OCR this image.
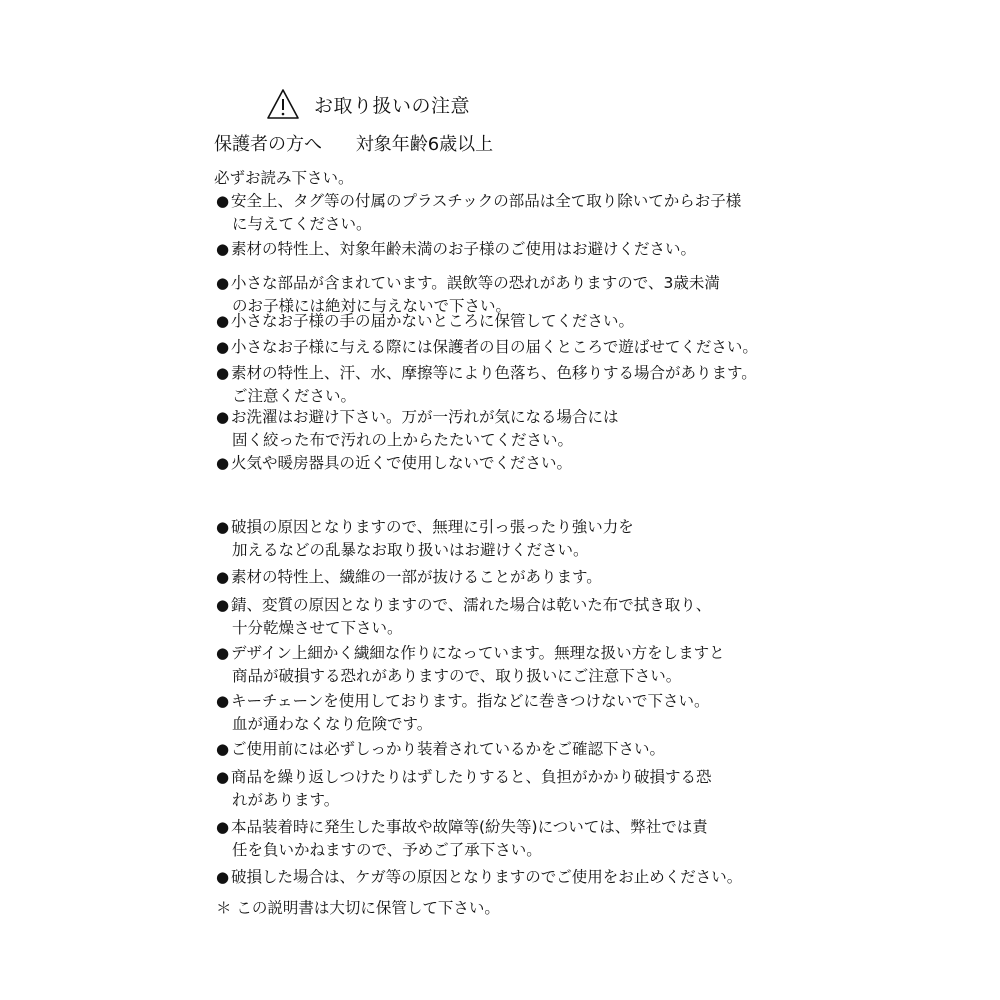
お取り扱いの注意
保護者の方へ 対象年齢6歳以上
必ずお読み下さい。
● 安全上、タグ等の付属のプラスチックの部品は全て取り除いてからお子様
に与えてください。
● 素材の特性上、対象年齢未満のお子様のご使用はお避けください。
● 小さな部品が含まれています。誤飲等の恐れがありますので、3歳未満
のお子様には絶対に与えないで下さい。
● 小さなお子様の手の届かないところに保管してください。
● 小さなお子様に与える際には保護者の目の届くところで遊ばせてください。
● 素材の特性上、汗、水、摩擦等により色落ち、色移りする場合があります。
ご注意ください。
● お洗濯はお避け下さい。万が一汚れが気になる場合には
固く絞った布で汚れの上からたたいてください。
● 火気や暖房器具の近くで使用しないでください。
● 破損の原因となりますので、無理に引っ張ったり強い力を
加えるなどの乱暴なお取り扱いはお避けください。
● 素材の特性上、繊維の一部が抜けることがあります。
● 錆、変質の原因となりますので、濡れた場合は乾いた布で拭き取り、
十分乾燥させて下さい。
● デザイン上細かく繊細な作りになっています。無理な扱い方をしますと
商品が破損する恐れがありますので、取り扱いにご注意下さい。
● キーチェーンを使用しております。指などに巻きつけないで下さい。
血が通わなくなり危険です。
● ご使用前には必ずしっかり装着されているかをご確認下さい。
● 商品を繰り返しつけたりはずしたりすると、負担がかかり破損する恐
れがあります。
● 本品装着時に発生した事故や故障等(紛失等)については、弊社では責
任を負いかねますので、予めご了承下さい。
● 破損した場合は、ケガ等の原因となりますのでご使用をお止めください。
＊ この説明書は大切に保管して下さい。
